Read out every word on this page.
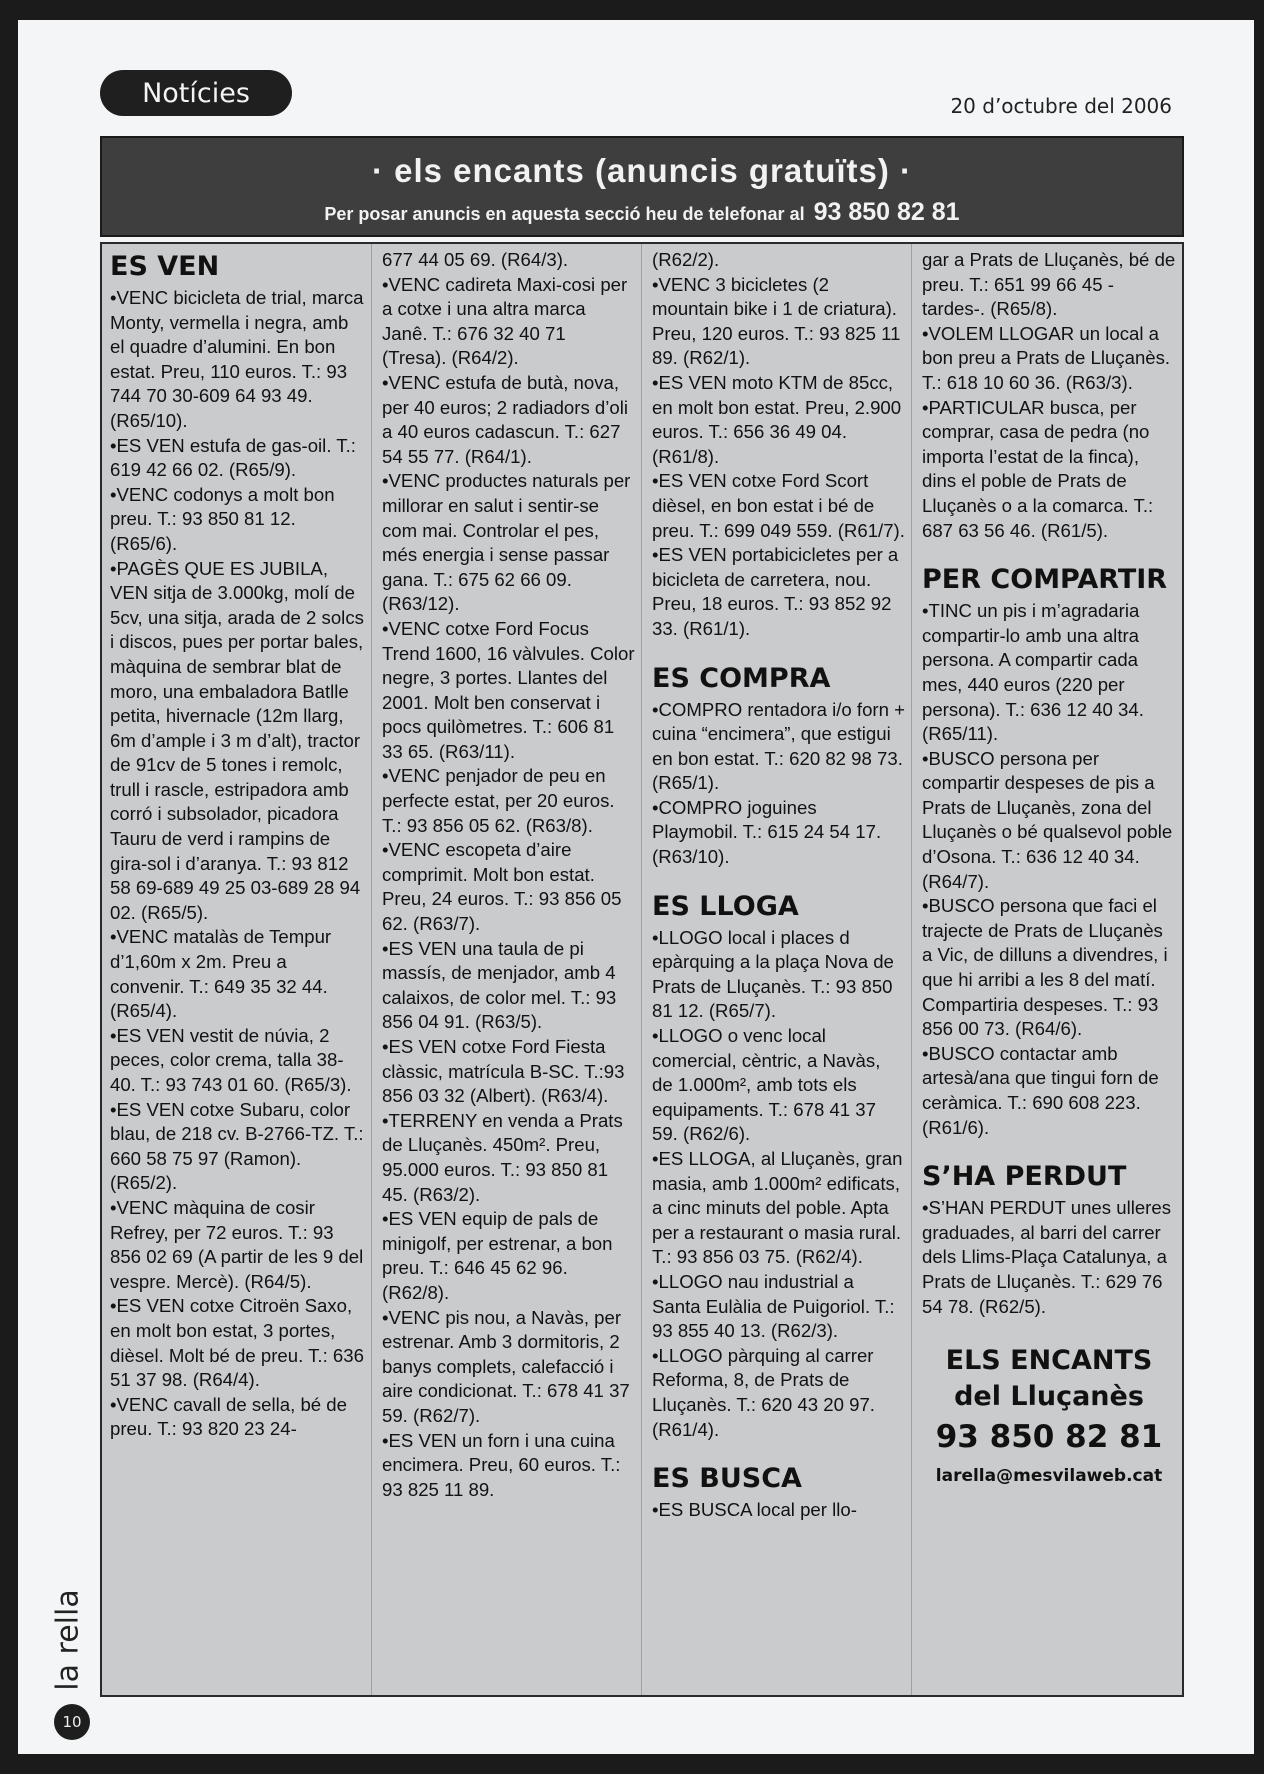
Notícies	20 d’octubre del 2006
· els encants (anuncis gratuïts) ·
Per posar anuncis en aquesta secció heu de telefonar al 93 850 82 81
ES VEN
•VENC bicicleta de trial, marca Monty, vermella i negra, amb el quadre d’alumini. En bon estat. Preu, 110 euros. T.: 93 744 70 30-609 64 93 49. (R65/10).
•ES VEN estufa de gas-oil. T.: 619 42 66 02. (R65/9).
•VENC codonys a molt bon preu. T.: 93 850 81 12. (R65/6).
•PAGÈS QUE ES JUBILA, VEN sitja de 3.000kg, molí de 5cv, una sitja, arada de 2 solcs i discos, pues per portar bales, màquina de sembrar blat de moro, una embaladora Batlle petita, hivernacle (12m llarg, 6m d’ample i 3 m d’alt), tractor de 91cv de 5 tones i remolc, trull i rascle, estripadora amb corró i subsolador, picadora Tauru de verd i rampins de gira-sol i d’aranya. T.: 93 812 58 69-689 49 25 03-689 28 94 02. (R65/5).
•VENC matalàs de Tempur d’1,60m x 2m. Preu a convenir. T.: 649 35 32 44. (R65/4).
•ES VEN vestit de núvia, 2 peces, color crema, talla 38-40. T.: 93 743 01 60. (R65/3).
•ES VEN cotxe Subaru, color blau, de 218 cv. B-2766-TZ. T.: 660 58 75 97 (Ramon). (R65/2).
•VENC màquina de cosir Refrey, per 72 euros. T.: 93 856 02 69 (A partir de les 9 del vespre. Mercè). (R64/5).
•ES VEN cotxe Citroën Saxo, en molt bon estat, 3 portes, dièsel. Molt bé de preu. T.: 636 51 37 98. (R64/4).
•VENC cavall de sella, bé de preu. T.: 93 820 23 24-
677 44 05 69. (R64/3).
•VENC cadireta Maxi-cosi per a cotxe i una altra marca Janê. T.: 676 32 40 71 (Tresa). (R64/2).
•VENC estufa de butà, nova, per 40 euros; 2 radiadors d’oli a 40 euros cadascun. T.: 627 54 55 77. (R64/1).
•VENC productes naturals per millorar en salut i sentir-se com mai. Controlar el pes, més energia i sense passar gana. T.: 675 62 66 09. (R63/12).
•VENC cotxe Ford Focus Trend 1600, 16 vàlvules. Color negre, 3 portes. Llantes del 2001. Molt ben conservat i pocs quilòmetres. T.: 606 81 33 65. (R63/11).
•VENC penjador de peu en perfecte estat, per 20 euros. T.: 93 856 05 62. (R63/8).
•VENC escopeta d’aire comprimit. Molt bon estat. Preu, 24 euros. T.: 93 856 05 62. (R63/7).
•ES VEN una taula de pi massís, de menjador, amb 4 calaixos, de color mel. T.: 93 856 04 91. (R63/5).
•ES VEN cotxe Ford Fiesta clàssic, matrícula B-SC. T.:93 856 03 32 (Albert). (R63/4).
•TERRENY en venda a Prats de Lluçanès. 450m². Preu, 95.000 euros. T.: 93 850 81 45. (R63/2).
•ES VEN equip de pals de minigolf, per estrenar, a bon preu. T.: 646 45 62 96. (R62/8).
•VENC pis nou, a Navàs, per estrenar. Amb 3 dormitoris, 2 banys complets, calefacció i aire condicionat. T.: 678 41 37 59. (R62/7).
•ES VEN un forn i una cuina encimera. Preu, 60 euros. T.: 93 825 11 89.
(R62/2).
•VENC 3 bicicletes (2 mountain bike i 1 de criatura). Preu, 120 euros. T.: 93 825 11 89. (R62/1).
•ES VEN moto KTM de 85cc, en molt bon estat. Preu, 2.900 euros. T.: 656 36 49 04. (R61/8).
•ES VEN cotxe Ford Scort dièsel, en bon estat i bé de preu. T.: 699 049 559. (R61/7).
•ES VEN portabicicletes per a bicicleta de carretera, nou. Preu, 18 euros. T.: 93 852 92 33. (R61/1).
ES COMPRA
•COMPRO rentadora i/o forn + cuina “encimera”, que estigui en bon estat. T.: 620 82 98 73. (R65/1).
•COMPRO joguines Playmobil. T.: 615 24 54 17. (R63/10).
ES LLOGA
•LLOGO local i places d epàrquing a la plaça Nova de Prats de Lluçanès. T.: 93 850 81 12. (R65/7).
•LLOGO o venc local comercial, cèntric, a Navàs, de 1.000m², amb tots els equipaments. T.: 678 41 37 59. (R62/6).
•ES LLOGA, al Lluçanès, gran masia, amb 1.000m² edificats, a cinc minuts del poble. Apta per a restaurant o masia rural. T.: 93 856 03 75. (R62/4).
•LLOGO nau industrial a Santa Eulàlia de Puigoriol. T.: 93 855 40 13. (R62/3).
•LLOGO pàrquing al carrer Reforma, 8, de Prats de Lluçanès. T.: 620 43 20 97. (R61/4).
ES BUSCA
•ES BUSCA local per llo-
gar a Prats de Lluçanès, bé de preu. T.: 651 99 66 45 -tardes-. (R65/8).
•VOLEM LLOGAR un local a bon preu a Prats de Lluçanès. T.: 618 10 60 36. (R63/3).
•PARTICULAR busca, per comprar, casa de pedra (no importa l’estat de la finca), dins el poble de Prats de Lluçanès o a la comarca. T.: 687 63 56 46. (R61/5).
PER COMPARTIR
•TINC un pis i m’agradaria compartir-lo amb una altra persona. A compartir cada mes, 440 euros (220 per persona). T.: 636 12 40 34. (R65/11).
•BUSCO persona per compartir despeses de pis a Prats de Lluçanès, zona del Lluçanès o bé qualsevol poble d’Osona. T.: 636 12 40 34. (R64/7).
•BUSCO persona que faci el trajecte de Prats de Lluçanès a Vic, de dilluns a divendres, i que hi arribi a les 8 del matí. Compartiria despeses. T.: 93 856 00 73. (R64/6).
•BUSCO contactar amb artesà/ana que tingui forn de ceràmica. T.: 690 608 223. (R61/6).
S’HA PERDUT
•S’HAN PERDUT unes ulleres graduades, al barri del carrer dels Llims-Plaça Catalunya, a Prats de Lluçanès. T.: 629 76 54 78. (R62/5).
ELS ENCANTS
del Lluçanès
93 850 82 81
larella@mesvilaweb.cat
la rella
10
